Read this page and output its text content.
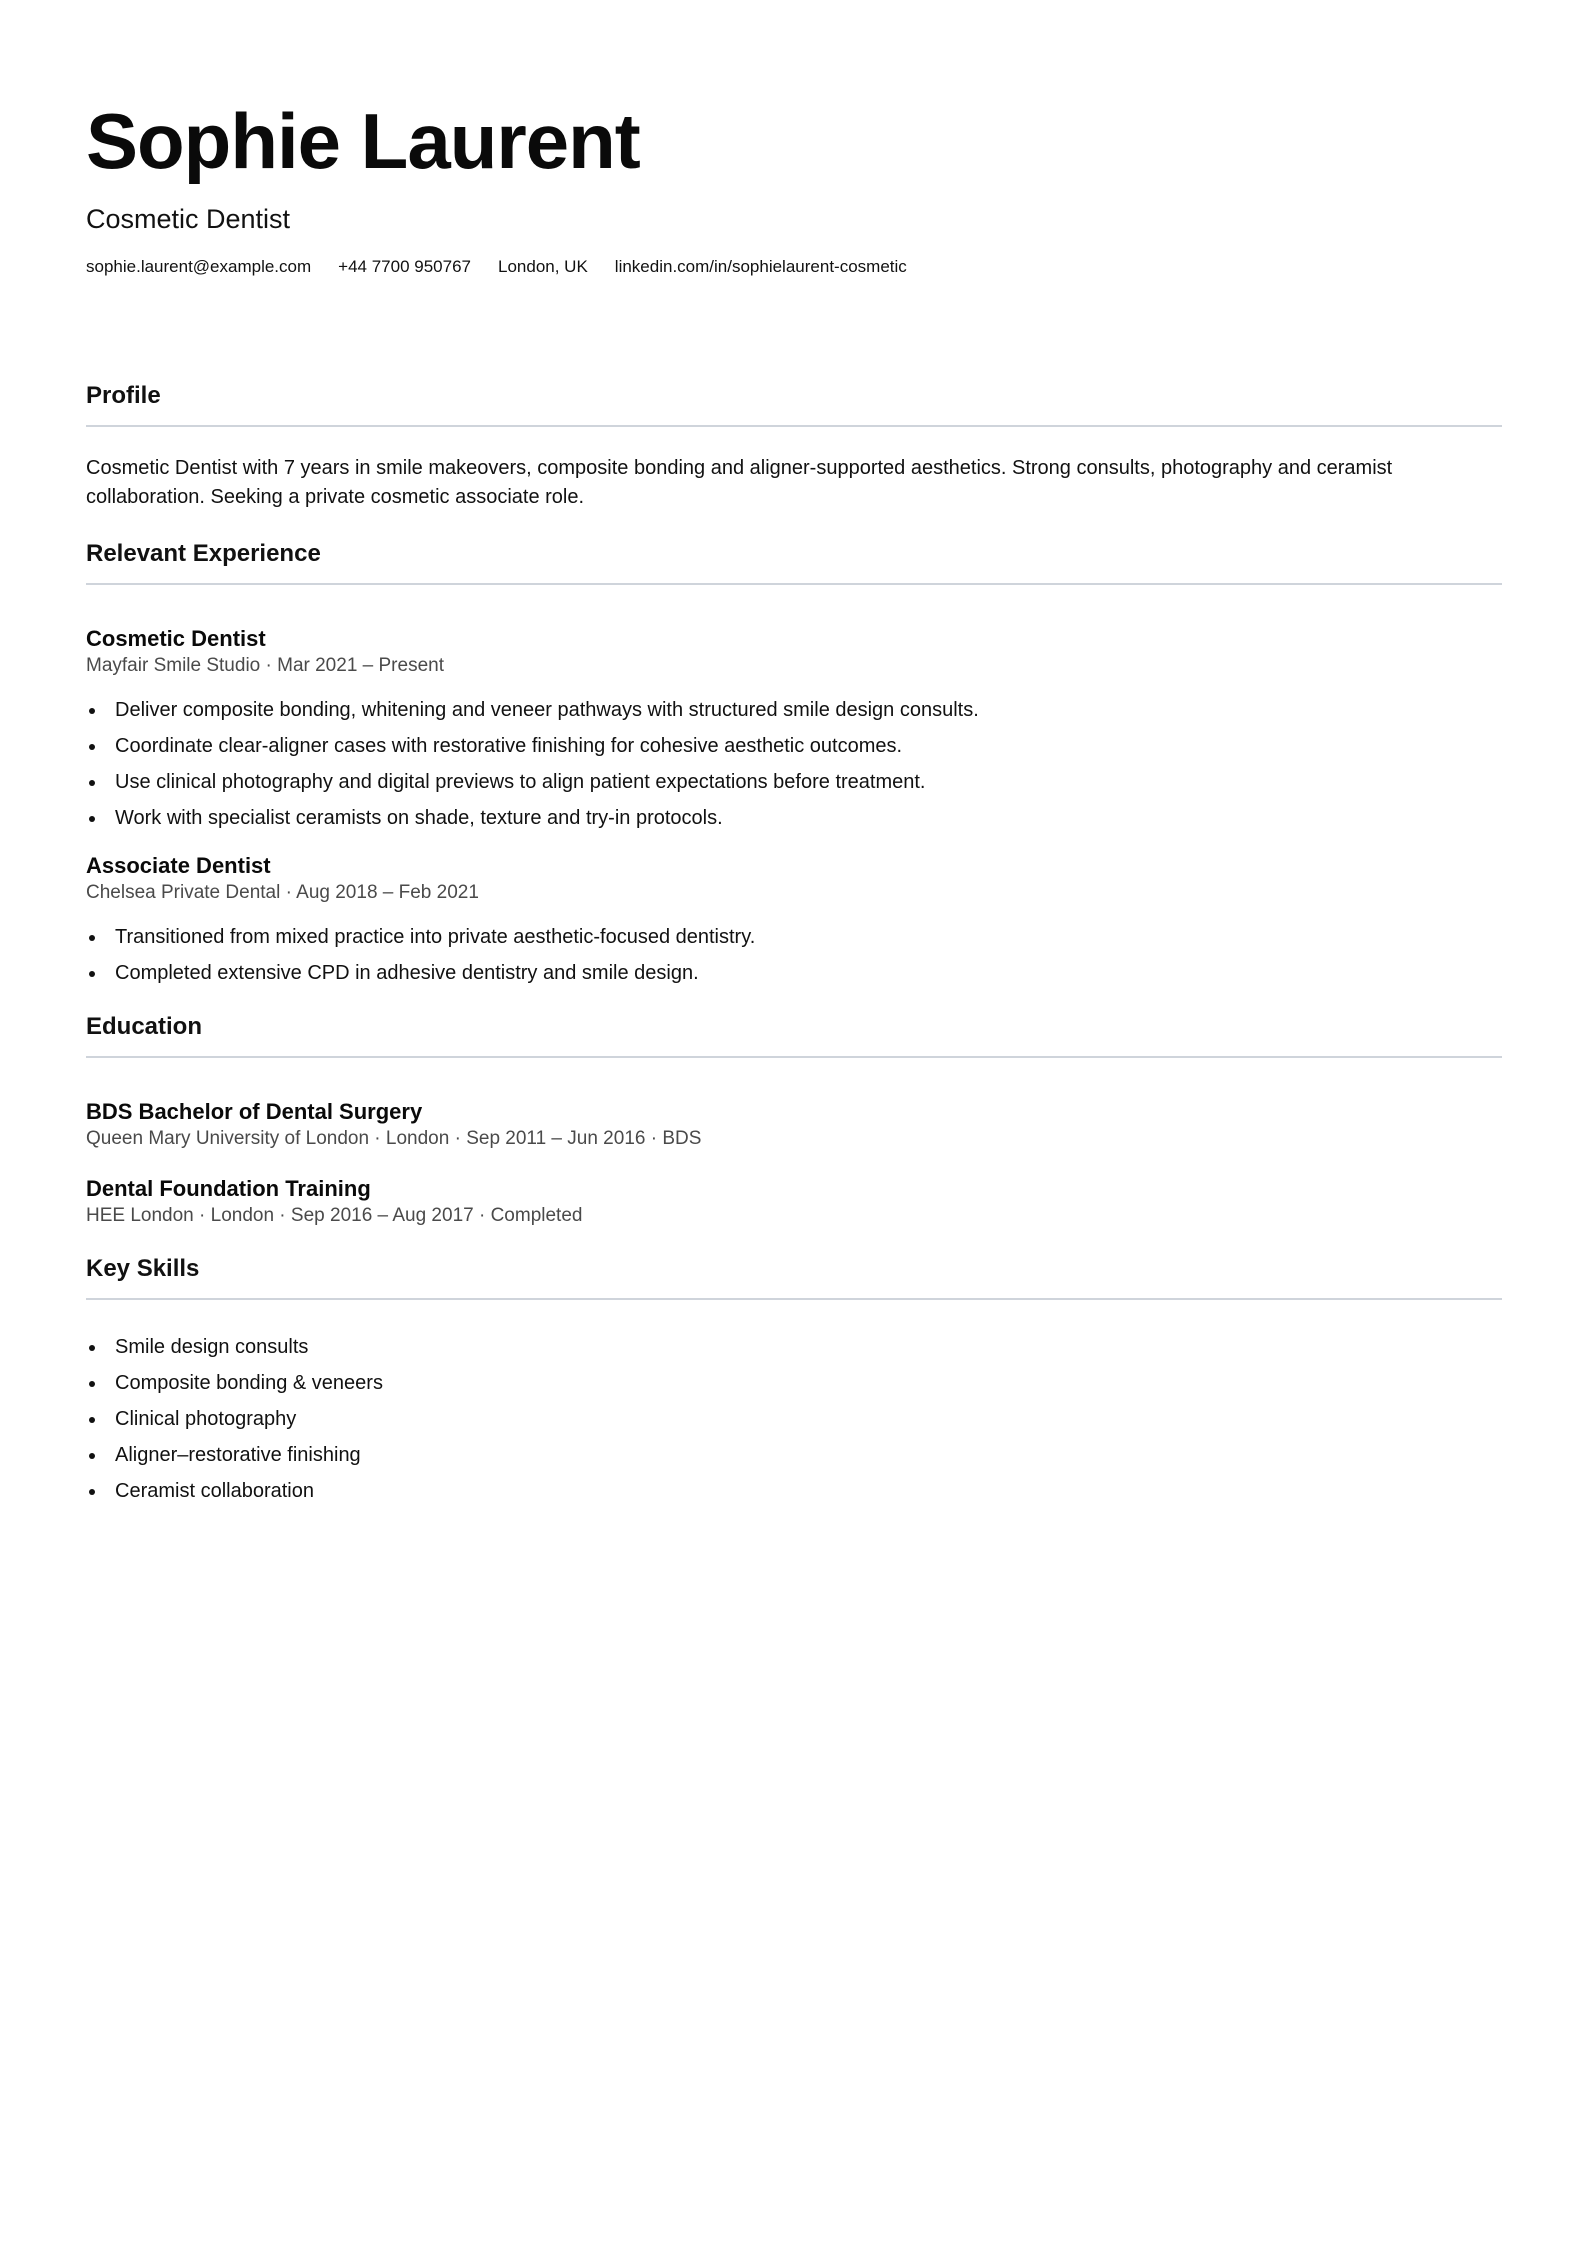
Sophie Laurent
Cosmetic Dentist
sophie.laurent@example.com +44 7700 950767 London, UK linkedin.com/in/sophielaurent-cosmetic
Profile

Cosmetic Dentist with 7 years in smile makeovers, composite bonding and aligner-supported aesthetics. Strong consults, photography and ceramist collaboration. Seeking a private cosmetic associate role.

Relevant Experience
Cosmetic Dentist
Mayfair Smile Studio · Mar 2021 – Present
Deliver composite bonding, whitening and veneer pathways with structured smile design consults.
Coordinate clear-aligner cases with restorative finishing for cohesive aesthetic outcomes.
Use clinical photography and digital previews to align patient expectations before treatment.
Work with specialist ceramists on shade, texture and try-in protocols.
Associate Dentist
Chelsea Private Dental · Aug 2018 – Feb 2021
Transitioned from mixed practice into private aesthetic-focused dentistry.
Completed extensive CPD in adhesive dentistry and smile design.
Education
BDS Bachelor of Dental Surgery
Queen Mary University of London · London · Sep 2011 – Jun 2016 · BDS
Dental Foundation Training
HEE London · London · Sep 2016 – Aug 2017 · Completed
Key Skills
Smile design consults
Composite bonding & veneers
Clinical photography
Aligner–restorative finishing
Ceramist collaboration
